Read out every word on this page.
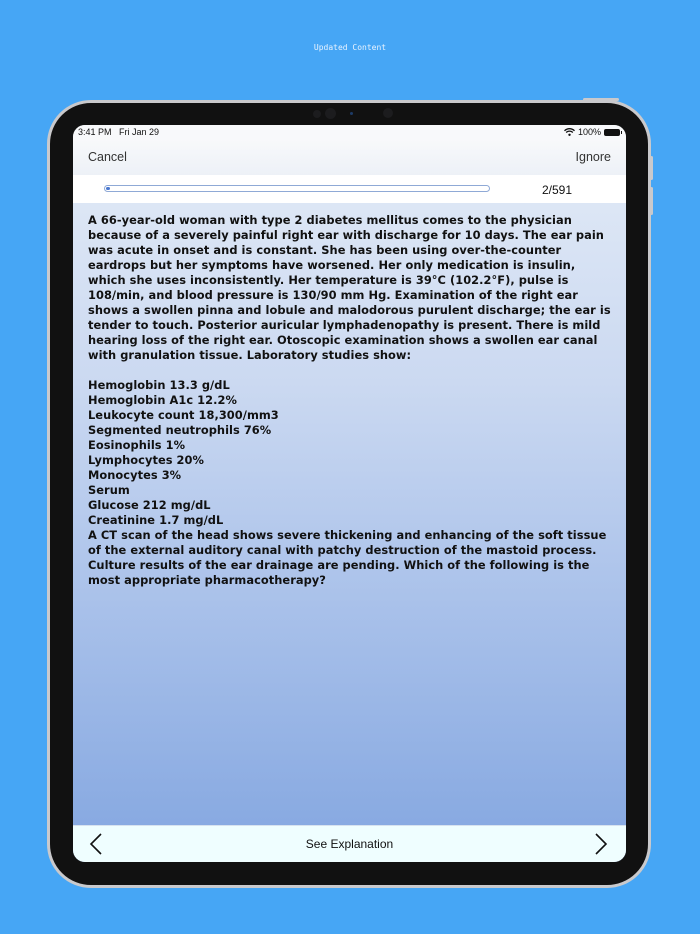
Updated Content
3:41 PM Fri Jan 29	100%
Cancel	Ignore
2/591
A 66-year-old woman with type 2 diabetes mellitus comes to the physician because of a severely painful right ear with discharge for 10 days. The ear pain was acute in onset and is constant. She has been using over-the-counter eardrops but her symptoms have worsened. Her only medication is insulin, which she uses inconsistently. Her temperature is 39°C (102.2°F), pulse is 108/min, and blood pressure is 130/90 mm Hg. Examination of the right ear shows a swollen pinna and lobule and malodorous purulent discharge; the ear is tender to touch. Posterior auricular lymphadenopathy is present. There is mild hearing loss of the right ear. Otoscopic examination shows a swollen ear canal with granulation tissue. Laboratory studies show:
Hemoglobin 13.3 g/dL
Hemoglobin A1c 12.2%
Leukocyte count 18,300/mm3
Segmented neutrophils 76%
Eosinophils 1%
Lymphocytes 20%
Monocytes 3%
Serum
Glucose 212 mg/dL
Creatinine 1.7 mg/dL
A CT scan of the head shows severe thickening and enhancing of the soft tissue of the external auditory canal with patchy destruction of the mastoid process. Culture results of the ear drainage are pending. Which of the following is the most appropriate pharmacotherapy?
See Explanation
